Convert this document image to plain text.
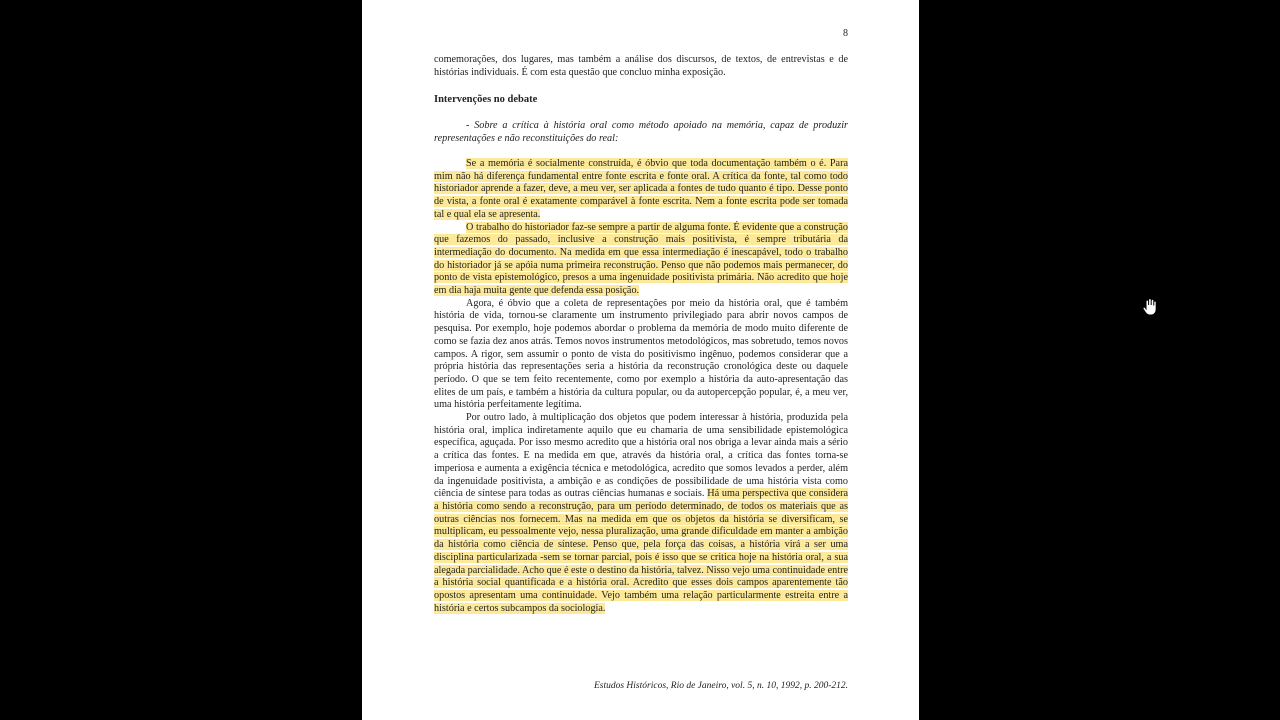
8
comemorações, dos lugares, mas também a análise dos discursos, de textos, de entrevistas e de histórias individuais. É com esta questão que concluo minha exposição.
Intervenções no debate
- Sobre a crítica à história oral como método apoiado na memória, capaz de produzir representações e não reconstituições do real:

Se a memória é socialmente construída, é óbvio que toda documentação também o é. Para mim não há diferença fundamental entre fonte escrita e fonte oral. A crítica da fonte, tal como todo historiador aprende a fazer, deve, a meu ver, ser aplicada a fontes de tudo quanto é tipo. Desse ponto de vista, a fonte oral é exatamente comparável à fonte escrita. Nem a fonte escrita pode ser tomada tal e qual ela se apresenta.

O trabalho do historiador faz-se sempre a partir de alguma fonte. É evidente que a construção que fazemos do passado, inclusive a construção mais positivista, é sempre tributária da intermediação do documento. Na medida em que essa intermediação é inescapável, todo o trabalho do historiador já se apóia numa primeira reconstrução. Penso que não podemos mais permanecer, do ponto de vista epistemológico, presos a uma ingenuidade positivista primária. Não acredito que hoje em dia haja muita gente que defenda essa posição.

Agora, é óbvio que a coleta de representações por meio da história oral, que é também história de vida, tornou-se claramente um instrumento privilegiado para abrir novos campos de pesquisa. Por exemplo, hoje podemos abordar o problema da memória de modo muito diferente de como se fazia dez anos atrás. Temos novos instrumentos metodológicos, mas sobretudo, temos novos campos. A rigor, sem assumir o ponto de vista do positivismo ingênuo, podemos considerar que a própria história das representações seria a história da reconstrução cronológica deste ou daquele período. O que se tem feito recentemente, como por exemplo a história da auto-apresentação das elites de um país, e também a história da cultura popular, ou da autopercepção popular, é, a meu ver, uma história perfeitamente legítima.

Por outro lado, à multiplicação dos objetos que podem interessar à história, produzida pela história oral, implica indiretamente aquilo que eu chamaria de uma sensibilidade epistemológica específica, aguçada. Por isso mesmo acredito que a história oral nos obriga a levar ainda mais a sério a crítica das fontes. E na medida em que, através da história oral, a crítica das fontes torna-se imperiosa e aumenta a exigência técnica e metodológica, acredito que somos levados a perder, além da ingenuidade positivista, a ambição e as condições de possibilidade de uma história vista como ciência de síntese para todas as outras ciências humanas e sociais. Há uma perspectiva que considera a história como sendo a reconstrução, para um período determinado, de todos os materiais que as outras ciências nos fornecem. Mas na medida em que os objetos da história se diversificam, se multiplicam, eu pessoalmente vejo, nessa pluralização, uma grande dificuldade em manter a ambição da história como ciência de síntese. Penso que, pela força das coisas, a história virá a ser uma disciplina particularizada -sem se tornar parcial, pois é isso que se critica hoje na história oral, a sua alegada parcialidade. Acho que é este o destino da história, talvez. Nisso vejo uma continuidade entre a história social quantificada e a história oral. Acredito que esses dois campos aparentemente tão opostos apresentam uma continuidade. Vejo também uma relação particularmente estreita entre a história e certos subcampos da sociologia.

Estudos Históricos, Rio de Janeiro, vol. 5, n. 10, 1992, p. 200-212.
